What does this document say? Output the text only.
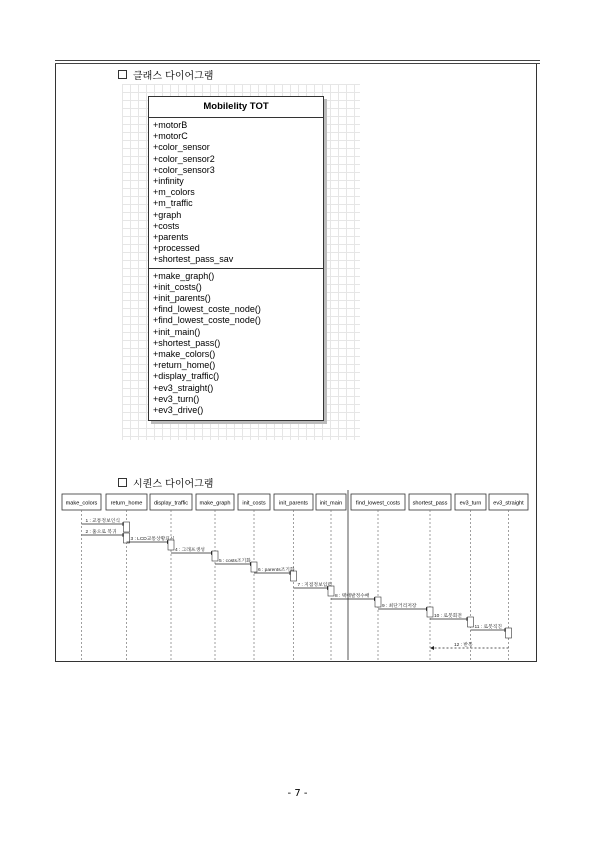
클래스 다이어그램
Mobilelity TOT
+motorB
+motorC
+color_sensor
+color_sensor2
+color_sensor3
+infinity
+m_colors
+m_traffic
+graph
+costs
+parents
+processed
+shortest_pass_sav
+make_graph()
+init_costs()
+init_parents()
+find_lowest_coste_node()
+find_lowest_coste_node()
+init_main()
+shortest_pass()
+make_colors()
+return_home()
+display_traffic()
+ev3_straight()
+ev3_turn()
+ev3_drive()
시퀀스 다이어그램
make_colors return_home display_traffic make_graph init_costs init_parents init_main find_lowest_costs shortest_pass ev3_turn ev3_straight
1 : 교통정보인식
2 : 홈으로 복귀
3 : LCD교통상황표시
4 : 그래프생성
5 : costs조기화
6 : parents조기화
7 : 지점정보입력
8 : 택배발정수배
9 : 최단거리저장
10 : 로봇회전
11 : 로봇직진
12 : 반복
- 7 -
